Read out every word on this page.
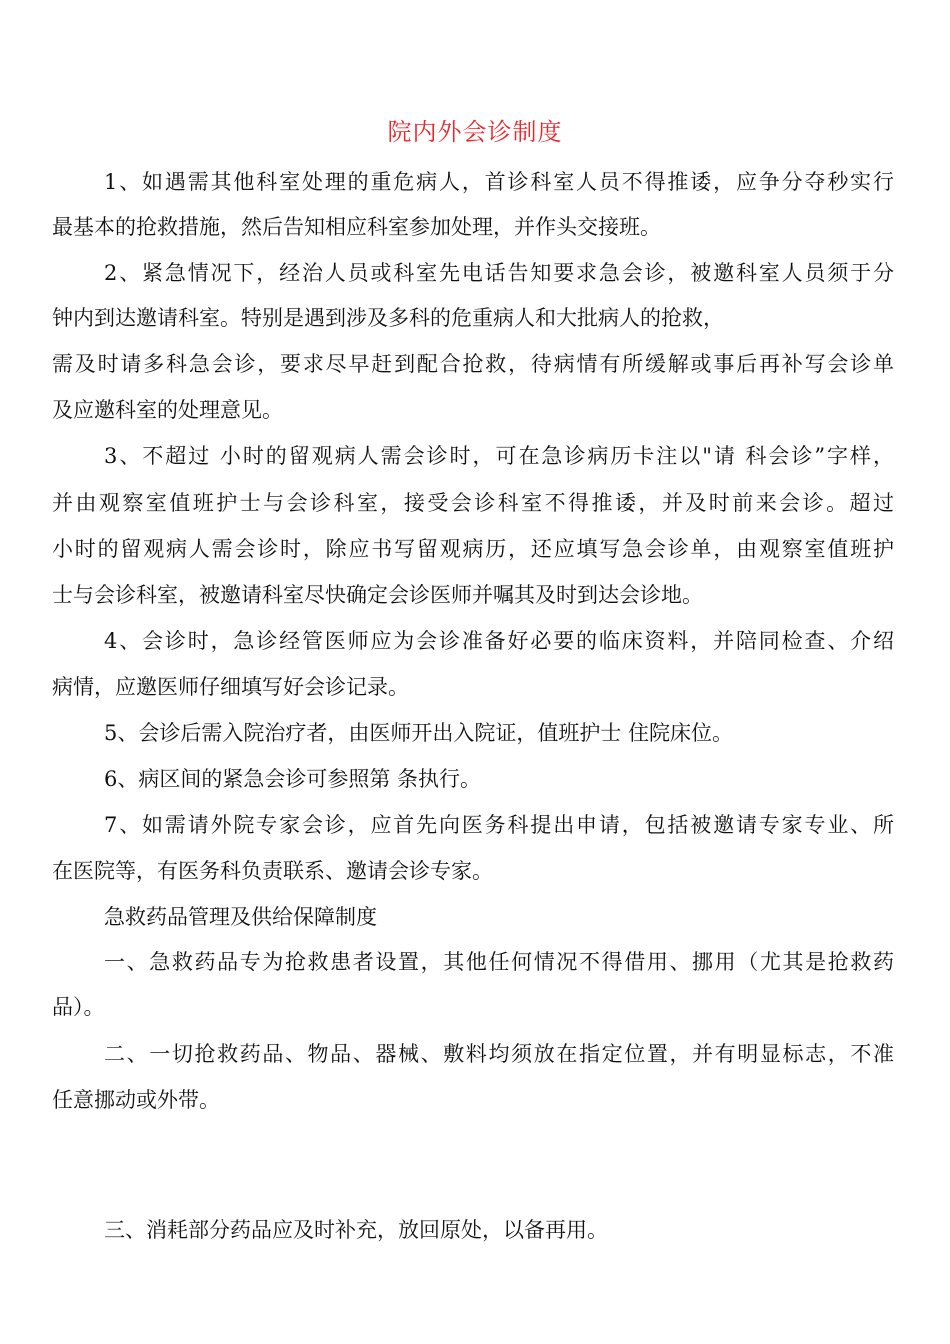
院内外会诊制度
1、如遇需其他科室处理的重危病人，首诊科室人员不得推诿，应争分夺秒实行
最基本的抢救措施，然后告知相应科室参加处理，并作头交接班。
2、紧急情况下，经治人员或科室先电话告知要求急会诊，被邀科室人员须于分
钟内到达邀请科室。特别是遇到涉及多科的危重病人和大批病人的抢救，
需及时请多科急会诊，要求尽早赶到配合抢救，待病情有所缓解或事后再补写会诊单
及应邀科室的处理意见。
3、不超过 小时的留观病人需会诊时，可在急诊病历卡注以"请 科会诊”字样，
并由观察室值班护士与会诊科室，接受会诊科室不得推诿，并及时前来会诊。超过
小时的留观病人需会诊时，除应书写留观病历，还应填写急会诊单，由观察室值班护
士与会诊科室，被邀请科室尽快确定会诊医师并嘱其及时到达会诊地。
4、会诊时，急诊经管医师应为会诊准备好必要的临床资料，并陪同检查、介绍
病情，应邀医师仔细填写好会诊记录。
5、会诊后需入院治疗者，由医师开出入院证，值班护士 住院床位。
6、病区间的紧急会诊可参照第 条执行。
7、如需请外院专家会诊，应首先向医务科提出申请，包括被邀请专家专业、所
在医院等，有医务科负责联系、邀请会诊专家。
急救药品管理及供给保障制度
一、急救药品专为抢救患者设置，其他任何情况不得借用、挪用（尤其是抢救药
品）。
二、一切抢救药品、物品、器械、敷料均须放在指定位置，并有明显标志，不准
任意挪动或外带。
三、消耗部分药品应及时补充，放回原处，以备再用。
